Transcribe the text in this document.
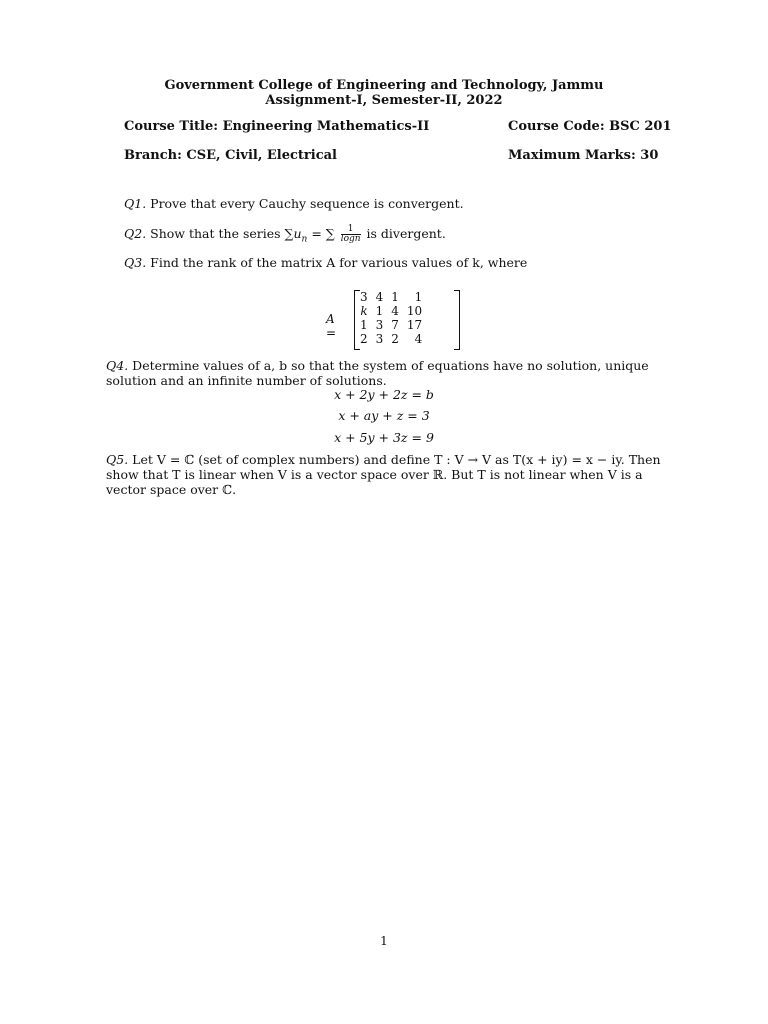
Government College of Engineering and Technology, Jammu
Assignment-I, Semester-II, 2022
Course Title: Engineering Mathematics-II	Course Code: BSC 201
Branch: CSE, Civil, Electrical	Maximum Marks: 30
Q1. Prove that every Cauchy sequence is convergent.
Q2. Show that the series $\sum u_n$ = ∑ $\frac{1}{\log n}$ is divergent.
Q3. Find the rank of the matrix A for various values of k, where
A =
3	4	1	1
k	1	4	10
1	3	7	17
2	3	2	4
Q4. Determine values of a, b so that the system of equations have no solution, unique solution and an infinite number of solutions.
x + 2y + 2z = b
x + ay + z = 3
x + 5y + 3z = 9
Q5. Let V = ℂ (set of complex numbers) and define T : V → V as T(x + iy) = x − iy. Then show that T is linear when V is a vector space over ℝ. But T is not linear when V is a vector space over ℂ.
1
